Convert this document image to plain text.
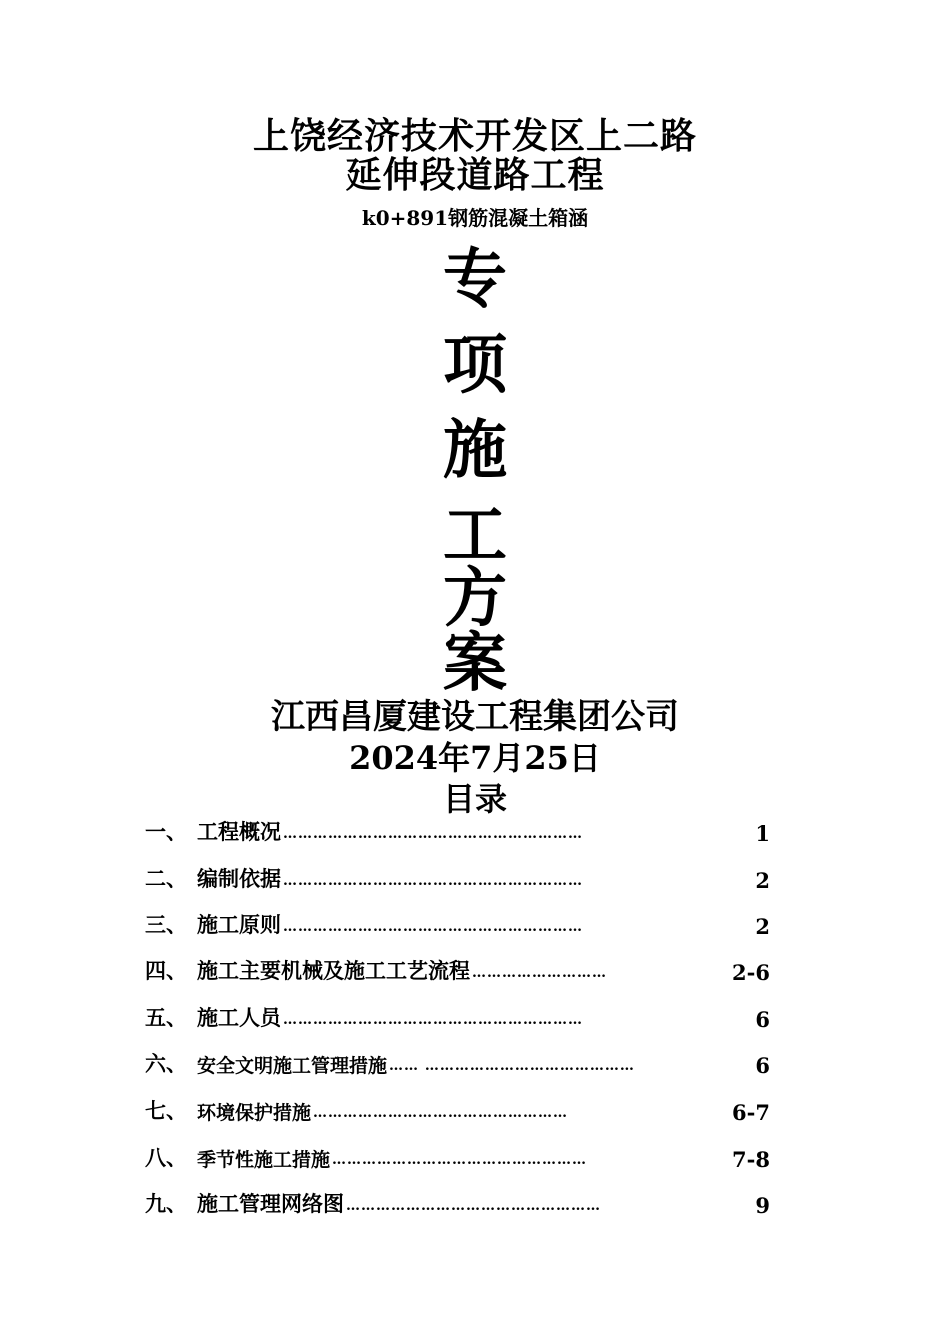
上饶经济技术开发区上二路
延伸段道路工程
k0+891钢筋混凝土箱涵
专
项
施
工
方
案
江西昌厦建设工程集团公司
2024年7月25日
目录
一、 工程概况 ……………………………………………………	1
二、 编制依据 ……………………………………………………	2
三、 施工原则 ……………………………………………………	2
四、 施工主要机械及施工工艺流程 ………………………	2-6
五、 施工人员 ……………………………………………………	6
六、 安全文明施工管理措施 …… ……………………………………	6
七、 环境保护措施 ……………………………………………	6-7
八、 季节性施工措施 ……………………………………………	7-8
九、 施工管理网络图 ……………………………………………	9
